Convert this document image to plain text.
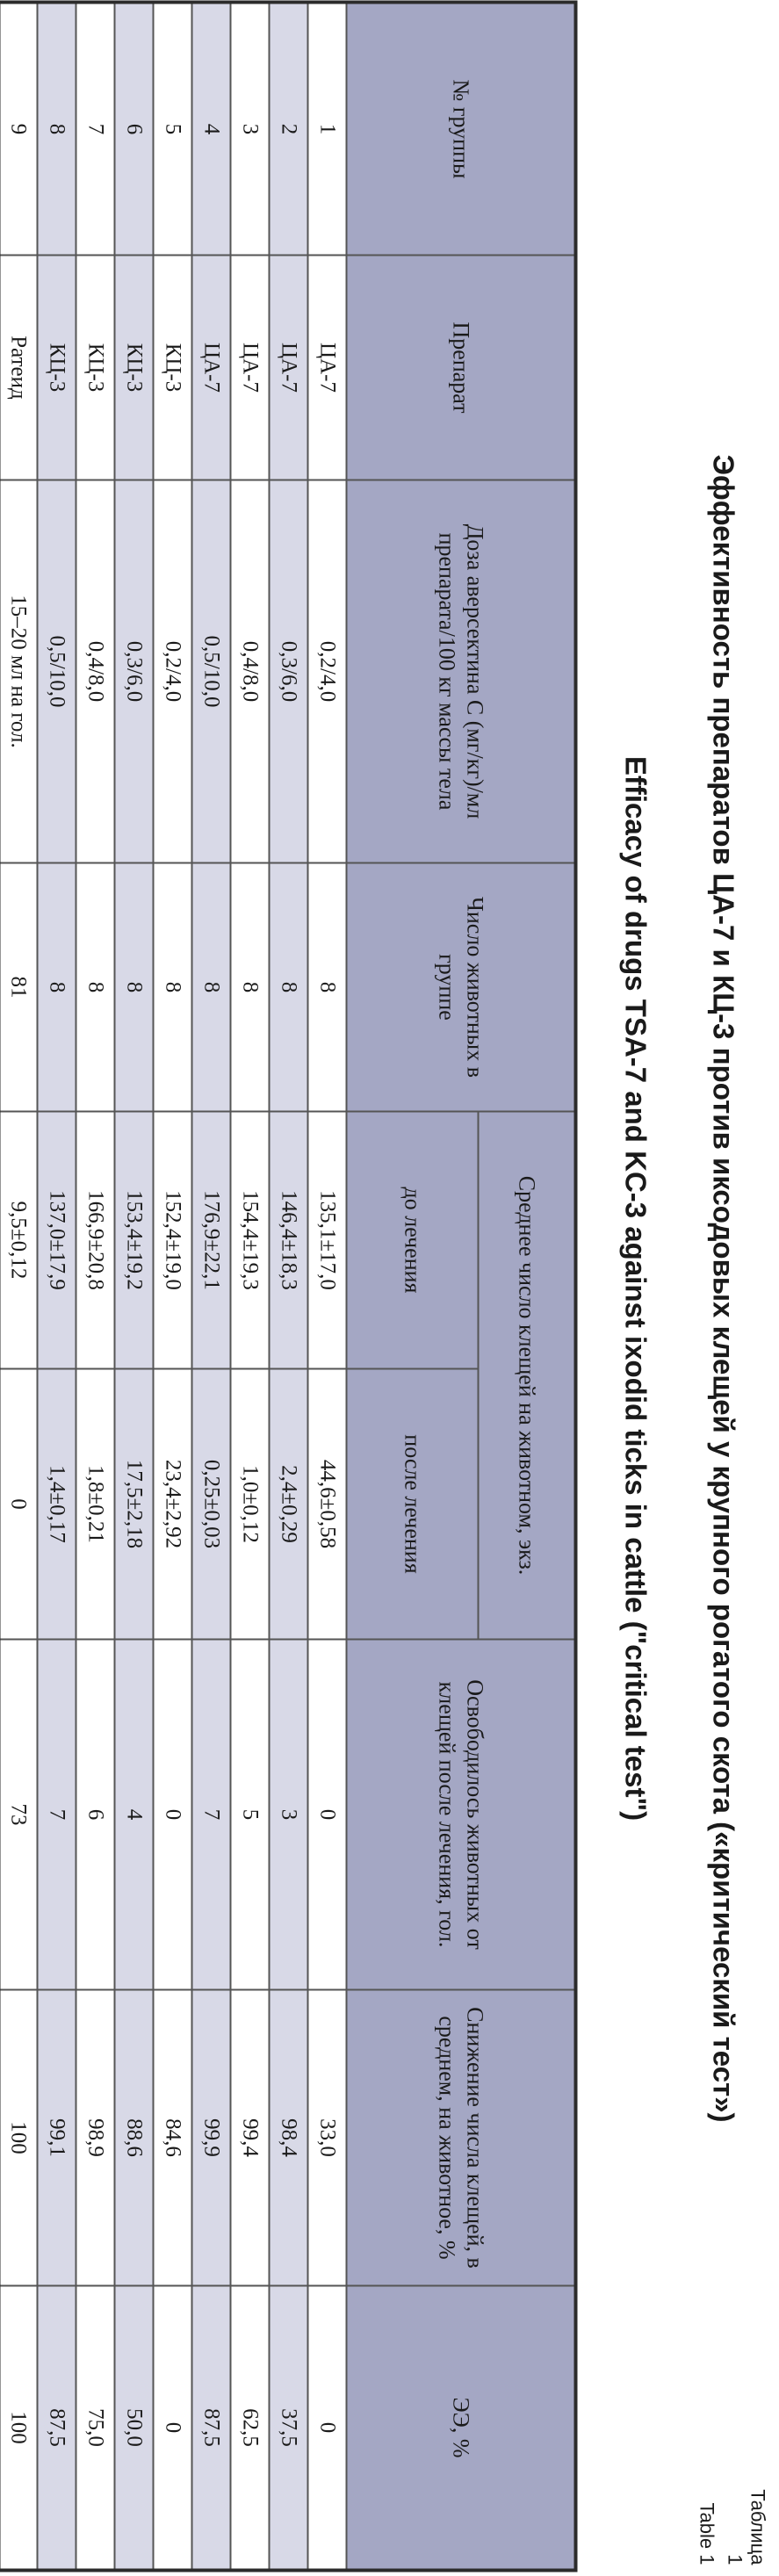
Таблица 1
Table 1
Эффективность препаратов ЦА-7 и КЦ-3 против иксодовых клещей у крупного рогатого скота («критический тест»)
Efficacy of drugs TSA-7 and KC-3 against ixodid ticks in cattle ("critical test")
№ группы	Препарат	Доза аверсектина С (мг/кг)/мл препарата/100 кг массы тела	Число животных в группе	Среднее число клещей на животном, экз.		Освободилось животных от клещей после лечения, гол.	Снижение числа клещей, в среднем, на животное, %	ЭЭ, %
				до лечения	после лечения			
1	ЦА-7	0,2/4,0	8	135,1±17,0	44,6±0,58	0	33,0	0
2	ЦА-7	0,3/6,0	8	146,4±18,3	2,4±0,29	3	98,4	37,5
3	ЦА-7	0,4/8,0	8	154,4±19,3	1,0±0,12	5	99,4	62,5
4	ЦА-7	0,5/10,0	8	176,9±22,1	0,25±0,03	7	99,9	87,5
5	КЦ-3	0,2/4,0	8	152,4±19,0	23,4±2,92	0	84,6	0
6	КЦ-3	0,3/6,0	8	153,4±19,2	17,5±2,18	4	88,6	50,0
7	КЦ-3	0,4/8,0	8	166,9±20,8	1,8±0,21	6	98,9	75,0
8	КЦ-3	0,5/10,0	8	137,0±17,9	1,4±0,17	7	99,1	87,5
9	Ратеид	15–20 мл на гол.	81	9,5±0,12	0	73	100	100
